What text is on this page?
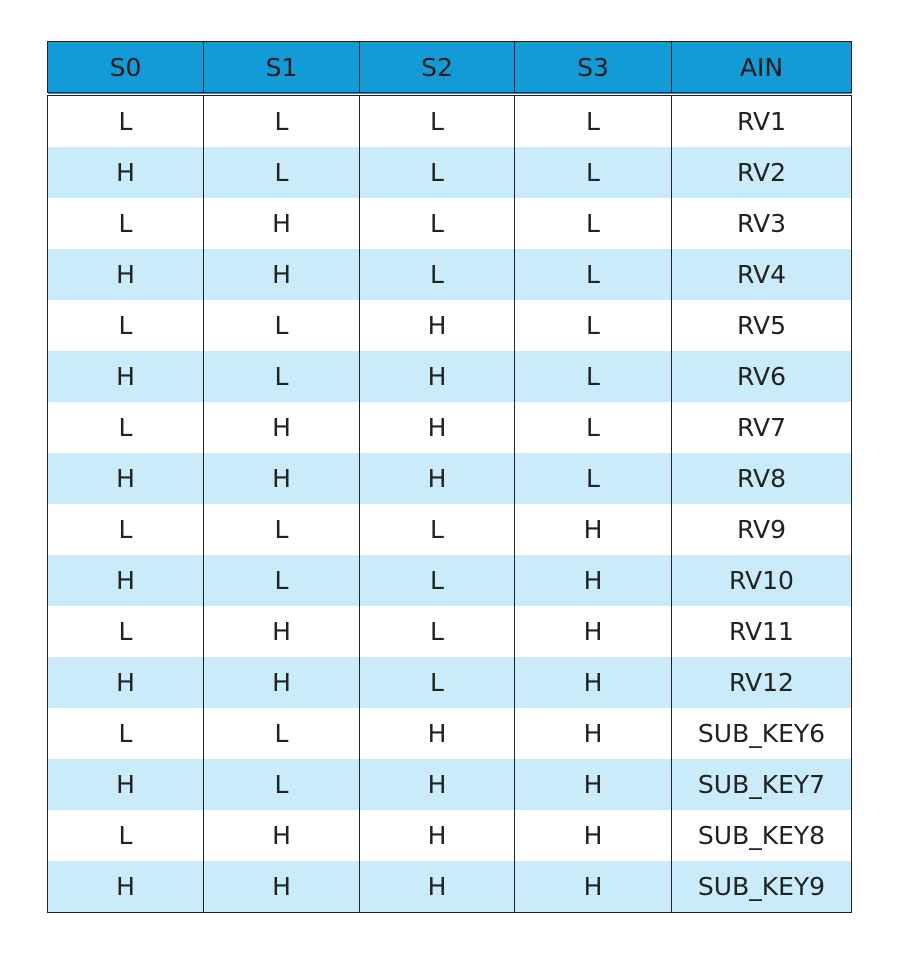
S0	S1	S2	S3	AIN
L	L	L	L	RV1
H	L	L	L	RV2
L	H	L	L	RV3
H	H	L	L	RV4
L	L	H	L	RV5
H	L	H	L	RV6
L	H	H	L	RV7
H	H	H	L	RV8
L	L	L	H	RV9
H	L	L	H	RV10
L	H	L	H	RV11
H	H	L	H	RV12
L	L	H	H	SUB_KEY6
H	L	H	H	SUB_KEY7
L	H	H	H	SUB_KEY8
H	H	H	H	SUB_KEY9
